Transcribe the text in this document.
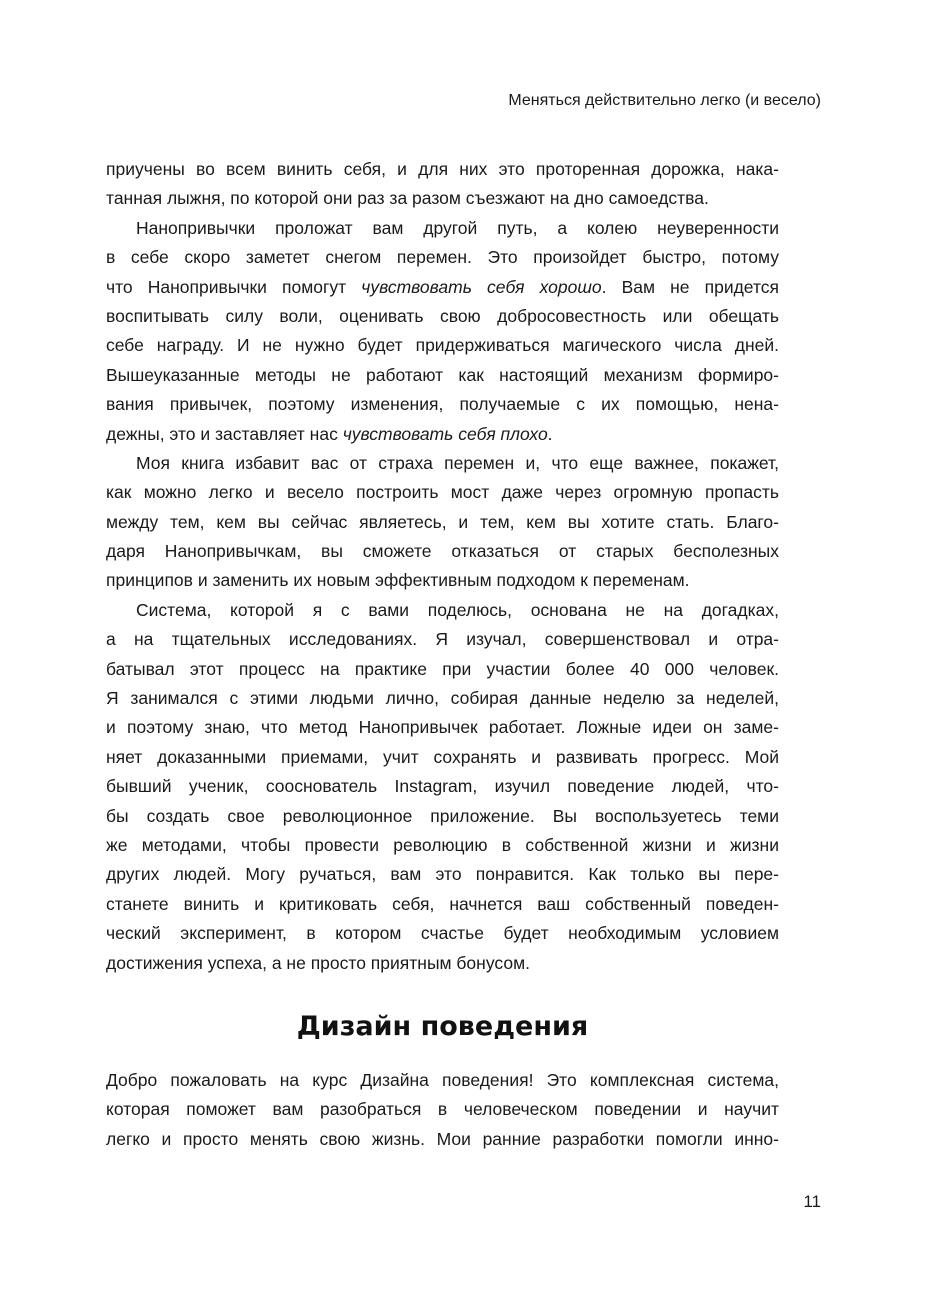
Меняться действительно легко (и весело)
приучены во всем винить себя, и для них это проторенная дорожка, нака-
танная лыжня, по которой они раз за разом съезжают на дно самоедства.
Нанопривычки проложат вам другой путь, а колею неуверенности
в себе скоро заметет снегом перемен. Это произойдет быстро, потому
что Нанопривычки помогут чувствовать себя хорошо. Вам не придется
воспитывать силу воли, оценивать свою добросовестность или обещать
себе награду. И не нужно будет придерживаться магического числа дней.
Вышеуказанные методы не работают как настоящий механизм формиро-
вания привычек, поэтому изменения, получаемые с их помощью, нена-
дежны, это и заставляет нас чувствовать себя плохо.
Моя книга избавит вас от страха перемен и, что еще важнее, покажет,
как можно легко и весело построить мост даже через огромную пропасть
между тем, кем вы сейчас являетесь, и тем, кем вы хотите стать. Благо-
даря Нанопривычкам, вы сможете отказаться от старых бесполезных
принципов и заменить их новым эффективным подходом к переменам.
Система, которой я с вами поделюсь, основана не на догадках,
а на тщательных исследованиях. Я изучал, совершенствовал и отра-
батывал этот процесс на практике при участии более 40 000 человек.
Я занимался с этими людьми лично, собирая данные неделю за неделей,
и поэтому знаю, что метод Нанопривычек работает. Ложные идеи он заме-
няет доказанными приемами, учит сохранять и развивать прогресс. Мой
бывший ученик, сооснователь Instagram, изучил поведение людей, что-
бы создать свое революционное приложение. Вы воспользуетесь теми
же методами, чтобы провести революцию в собственной жизни и жизни
других людей. Могу ручаться, вам это понравится. Как только вы пере-
станете винить и критиковать себя, начнется ваш собственный поведен-
ческий эксперимент, в котором счастье будет необходимым условием
достижения успеха, а не просто приятным бонусом.
Дизайн поведения
Добро пожаловать на курс Дизайна поведения! Это комплексная система,
которая поможет вам разобраться в человеческом поведении и научит
легко и просто менять свою жизнь. Мои ранние разработки помогли инно-
11
